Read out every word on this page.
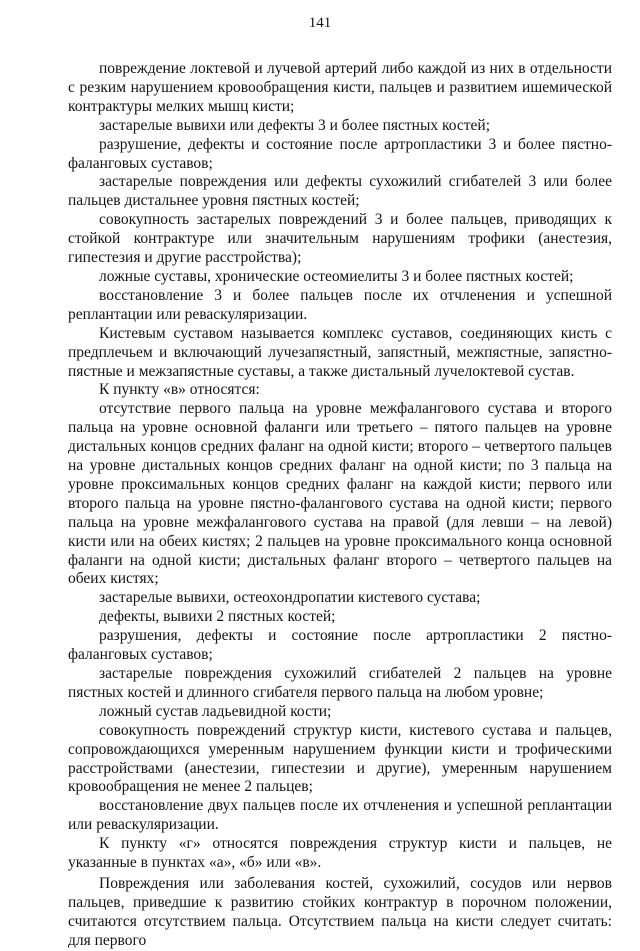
141

повреждение локтевой и лучевой артерий либо каждой из них в отдельности с резким нарушением кровообращения кисти, пальцев и развитием ишемической контрактуры мелких мышц кисти;

застарелые вывихи или дефекты 3 и более пястных костей;

разрушение, дефекты и состояние после артропластики 3 и более пястно-фаланговых суставов;

застарелые повреждения или дефекты сухожилий сгибателей 3 или более пальцев дистальнее уровня пястных костей;

совокупность застарелых повреждений 3 и более пальцев, приводящих к стойкой контрактуре или значительным нарушениям трофики (анестезия, гипестезия и другие расстройства);

ложные суставы, хронические остеомиелиты 3 и более пястных костей;

восстановление 3 и более пальцев после их отчленения и успешной реплантации или реваскуляризации.

Кистевым суставом называется комплекс суставов, соединяющих кисть с предплечьем и включающий лучезапястный, запястный, межпястные, запястно-пястные и межзапястные суставы, а также дистальный лучелоктевой сустав.

К пункту «в» относятся:

отсутствие первого пальца на уровне межфалангового сустава и второго пальца на уровне основной фаланги или третьего – пятого пальцев на уровне дистальных концов средних фаланг на одной кисти; второго – четвертого пальцев на уровне дистальных концов средних фаланг на одной кисти; по 3 пальца на уровне проксимальных концов средних фаланг на каждой кисти; первого или второго пальца на уровне пястно-фалангового сустава на одной кисти; первого пальца на уровне межфалангового сустава на правой (для левши – на левой) кисти или на обеих кистях; 2 пальцев на уровне проксимального конца основной фаланги на одной кисти; дистальных фаланг второго – четвертого пальцев на обеих кистях;

застарелые вывихи, остеохондропатии кистевого сустава;

дефекты, вывихи 2 пястных костей;

разрушения, дефекты и состояние после артропластики 2 пястно-фаланговых суставов;

застарелые повреждения сухожилий сгибателей 2 пальцев на уровне пястных костей и длинного сгибателя первого пальца на любом уровне;

ложный сустав ладьевидной кости;

совокупность повреждений структур кисти, кистевого сустава и пальцев, сопровождающихся умеренным нарушением функции кисти и трофическими расстройствами (анестезии, гипестезии и другие), умеренным нарушением кровообращения не менее 2 пальцев;

восстановление двух пальцев после их отчленения и успешной реплантации или реваскуляризации.

К пункту «г» относятся повреждения структур кисти и пальцев, не указанные в пунктах «а», «б» или «в».

Повреждения или заболевания костей, сухожилий, сосудов или нервов пальцев, приведшие к развитию стойких контрактур в порочном положении, считаются отсутствием пальца. Отсутствием пальца на кисти следует считать: для первого
